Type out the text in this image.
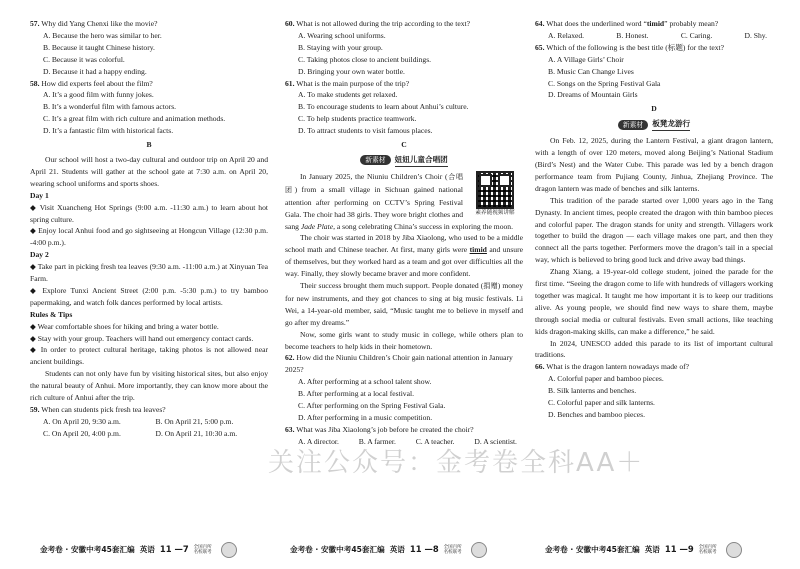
57. Why did Yang Chenxi like the movie?

A. Because the hero was similar to her.

B. Because it taught Chinese history.

C. Because it was colorful.

D. Because it had a happy ending.

58. How did experts feel about the film?

A. It’s a good film with funny jokes.

B. It’s a wonderful film with famous actors.

C. It’s a great film with rich culture and animation methods.

D. It’s a fantastic film with historical facts.

B

Our school will host a two-day cultural and outdoor trip on April 20 and April 21. Students will gather at the school gate at 7:30 a.m. on April 20, wearing school uniforms and sports shoes.

Day 1

◆ Visit Xuancheng Hot Springs (9:00 a.m. -11:30 a.m.) to learn about hot spring culture.

◆ Enjoy local Anhui food and go sightseeing at Hongcun Village (12:30 p.m. -4:00 p.m.).

Day 2

◆ Take part in picking fresh tea leaves (9:30 a.m. -11:00 a.m.) at Xinyuan Tea Farm.

◆ Explore Tunxi Ancient Street (2:00 p.m. -5:30 p.m.) to try bamboo papermaking, and watch folk dances performed by local artists.

Rules & Tips

◆ Wear comfortable shoes for hiking and bring a water bottle.

◆ Stay with your group. Teachers will hand out emergency contact cards.

◆ In order to protect cultural heritage, taking photos is not allowed near ancient buildings.

Students can not only have fun by visiting historical sites, but also enjoy the natural beauty of Anhui. More importantly, they can know more about the rich culture of Anhui after the trip.

59. When can students pick fresh tea leaves?

A. On April 20, 9:30 a.m.	B. On April 21, 5:00 p.m.
C. On April 20, 4:00 p.m.	D. On April 21, 10:30 a.m.

60. What is not allowed during the trip according to the text?

A. Wearing school uniforms.

B. Staying with your group.

C. Taking photos close to ancient buildings.

D. Bringing your own water bottle.

61. What is the main purpose of the trip?

A. To make students get relaxed.

B. To encourage students to learn about Anhui’s culture.

C. To help students practice teamwork.

D. To attract students to visit famous places.

C

新素材	妞妞儿童合唱团
素养随视频讲解

In January 2025, the Niuniu Children’s Choir (合唱团) from a small village in Sichuan gained national attention after performing on CCTV’s Spring Festival Gala. The choir had 38 girls. They wore bright clothes and sang Jade Plate, a song celebrating China’s success in exploring the moon.

The choir was started in 2018 by Jiba Xiaolong, who used to be a middle school math and Chinese teacher. At first, many girls were timid and unsure of themselves, but they worked hard as a team and got over difficulties all the way. Finally, they slowly became braver and more confident.

Their success brought them much support. People donated (捐赠) money for new instruments, and they got chances to sing at big music festivals. Li Wei, a 14-year-old member, said, “Music taught me to believe in myself and go after my dreams.”

Now, some girls want to study music in college, while others plan to become teachers to help kids in their hometown.

62. How did the Niuniu Children’s Choir gain national attention in January 2025?

A. After performing at a school talent show.

B. After performing at a local festival.

C. After performing on the Spring Festival Gala.

D. After performing in a music competition.

63. What was Jiba Xiaolong’s job before he created the choir?

A. A director.	B. A farmer.	C. A teacher.	D. A scientist.

64. What does the underlined word “timid” probably mean?

A. Relaxed.	B. Honest.	C. Caring.	D. Shy.

65. Which of the following is the best title (标题) for the text?

A. A Village Girls’ Choir

B. Music Can Change Lives

C. Songs on the Spring Festival Gala

D. Dreams of Mountain Girls

D

新素材	板凳龙游行

On Feb. 12, 2025, during the Lantern Festival, a giant dragon lantern, with a length of over 120 meters, moved along Beijing’s National Stadium (Bird’s Nest) and the Water Cube. This parade was led by a bench dragon performance team from Pujiang County, Jinhua, Zhejiang Province. The dragon lantern was made of benches and silk lanterns.

This tradition of the parade started over 1,000 years ago in the Tang Dynasty. In ancient times, people created the dragon with thin bamboo pieces and colorful paper. The dragon stands for unity and strength. Villagers work together to build the dragon — each village makes one part, and then they connect all the parts together. Performers move the dragon’s tail in a special way, which is believed to bring good luck and drive away bad things.

Zhang Xiang, a 19-year-old college student, joined the parade for the first time. “Seeing the dragon come to life with hundreds of villagers working together was magical. It taught me how important it is to keep our traditions alive. As young people, we should find new ways to share them, maybe through social media or cultural festivals. Even small actions, like teaching kids dragon-making skills, can make a difference,” he said.

In 2024, UNESCO added this parade to its list of important cultural traditions.

66. What is the dragon lantern nowadays made of?

A. Colorful paper and bamboo pieces.

B. Silk lanterns and benches.

C. Colorful paper and silk lanterns.

D. Benches and bamboo pieces.

金考卷 · 安徽中考45套汇编 英语 11 —7 全国百所名校联考	金考卷 · 安徽中考45套汇编 英语 11 —8 全国百所名校联考	金考卷 · 安徽中考45套汇编 英语 11 —9 全国百所名校联考
关注公众号：金考卷全科AA＋
